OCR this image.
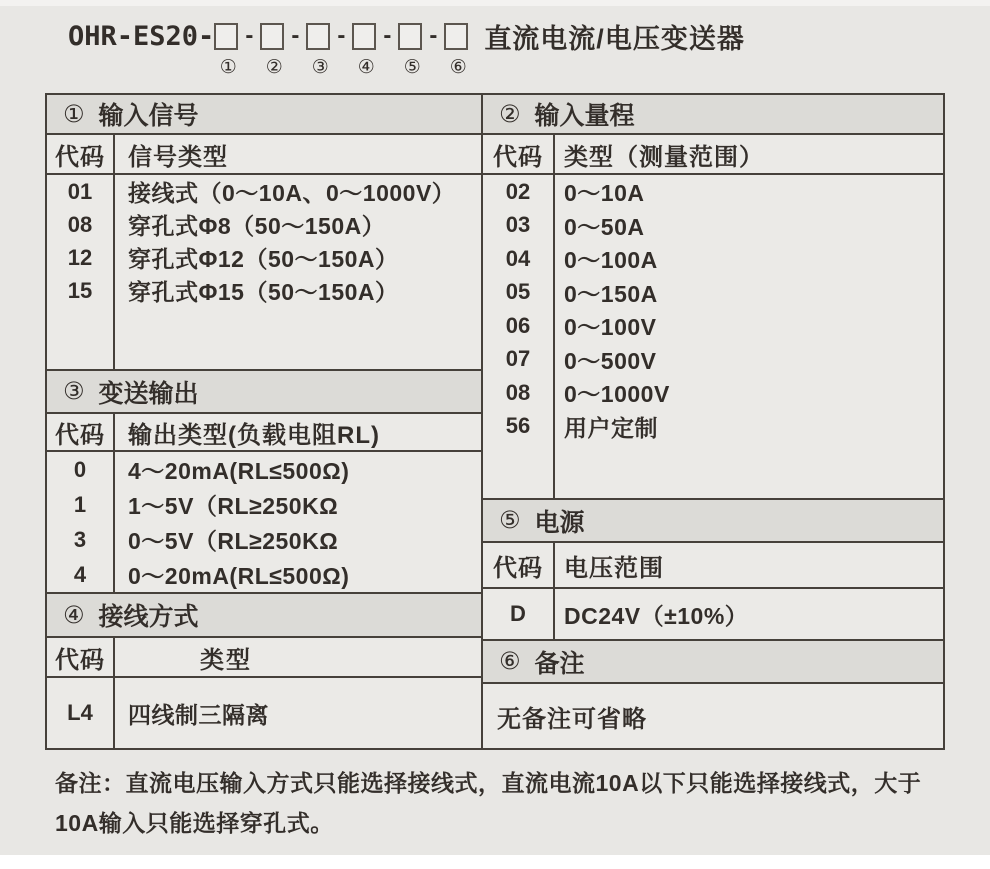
OHR-ES20- - - - - - 直流电流/电压变送器
① ② ③ ④ ⑤ ⑥
① 输入信号
代码 信号类型
01	接线式（0～10A、0～1000V）
08	穿孔式Φ8（50～150A）
12	穿孔式Φ12（50～150A）
15	穿孔式Φ15（50～150A）
③ 变送输出
代码 输出类型(负载电阻RL)
0	4～20mA(RL≤500Ω)
1	1～5V（RL≥250KΩ
3	0～5V（RL≥250KΩ
4	0～20mA(RL≤500Ω)
④ 接线方式
代码	类型
L4	四线制三隔离
② 输入量程
代码 类型（测量范围）
02	0～10A
03	0～50A
04	0～100A
05	0～150A
06	0～100V
07	0～500V
08	0～1000V
56	用户定制
⑤ 电源
代码 电压范围
D	DC24V（±10%）
⑥ 备注
无备注可省略
备注：直流电压输入方式只能选择接线式，直流电流10A以下只能选择接线式，大于
10A输入只能选择穿孔式。
